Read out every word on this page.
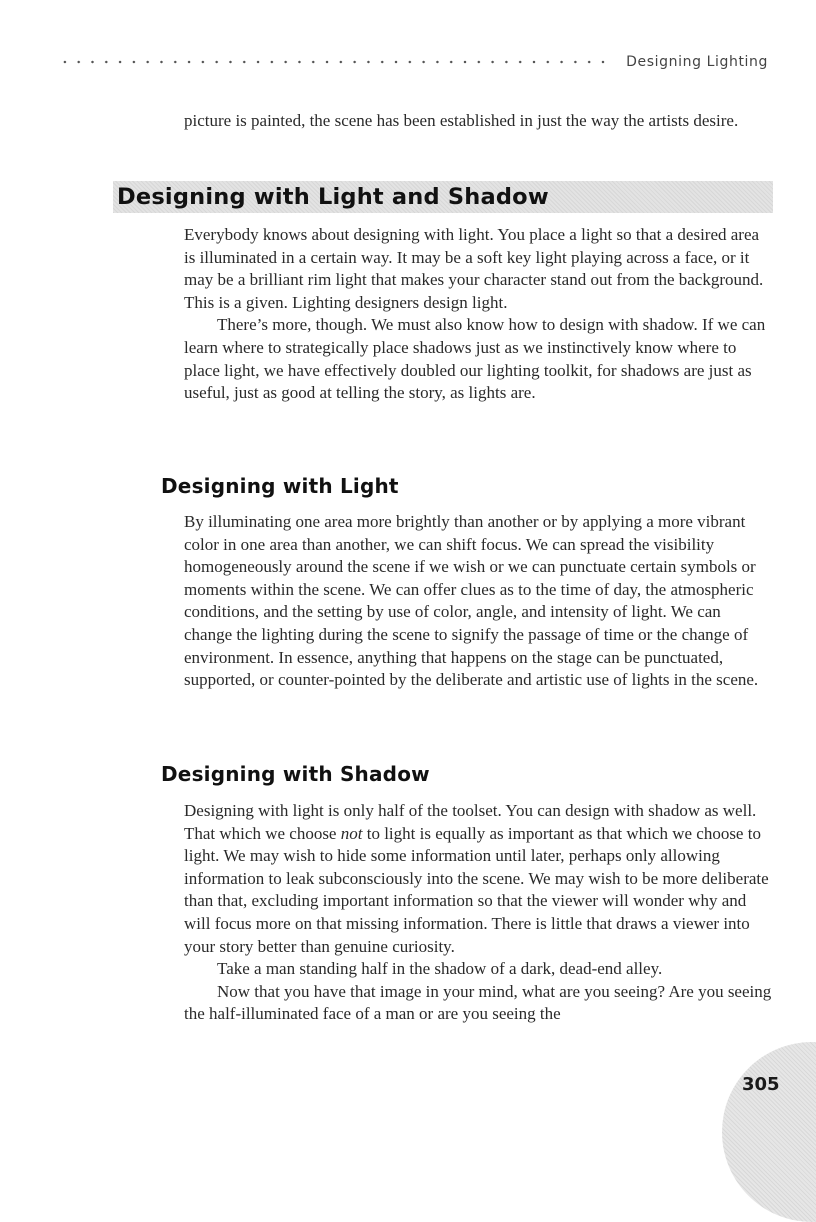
Designing Lighting

picture is painted, the scene has been established in just the way the artists desire.

Designing with Light and Shadow

Everybody knows about designing with light. You place a light so that a desired area is illuminated in a certain way. It may be a soft key light playing across a face, or it may be a brilliant rim light that makes your character stand out from the background. This is a given. Lighting designers design light.

There’s more, though. We must also know how to design with shadow. If we can learn where to strategically place shadows just as we instinctively know where to place light, we have effectively doubled our lighting toolkit, for shadows are just as useful, just as good at telling the story, as lights are.

Designing with Light

By illuminating one area more brightly than another or by applying a more vibrant color in one area than another, we can shift focus. We can spread the visibility homogeneously around the scene if we wish or we can punctuate certain symbols or moments within the scene. We can offer clues as to the time of day, the atmospheric conditions, and the setting by use of color, angle, and intensity of light. We can change the lighting during the scene to signify the passage of time or the change of environment. In essence, anything that happens on the stage can be punctuated, supported, or counter-pointed by the deliberate and artistic use of lights in the scene.

Designing with Shadow

Designing with light is only half of the toolset. You can design with shadow as well. That which we choose not to light is equally as important as that which we choose to light. We may wish to hide some information until later, perhaps only allowing information to leak subconsciously into the scene. We may wish to be more deliberate than that, excluding important information so that the viewer will wonder why and will focus more on that missing information. There is little that draws a viewer into your story better than genuine curiosity.

Take a man standing half in the shadow of a dark, dead-end alley.

Now that you have that image in your mind, what are you seeing? Are you seeing the half-illuminated face of a man or are you seeing the

305
